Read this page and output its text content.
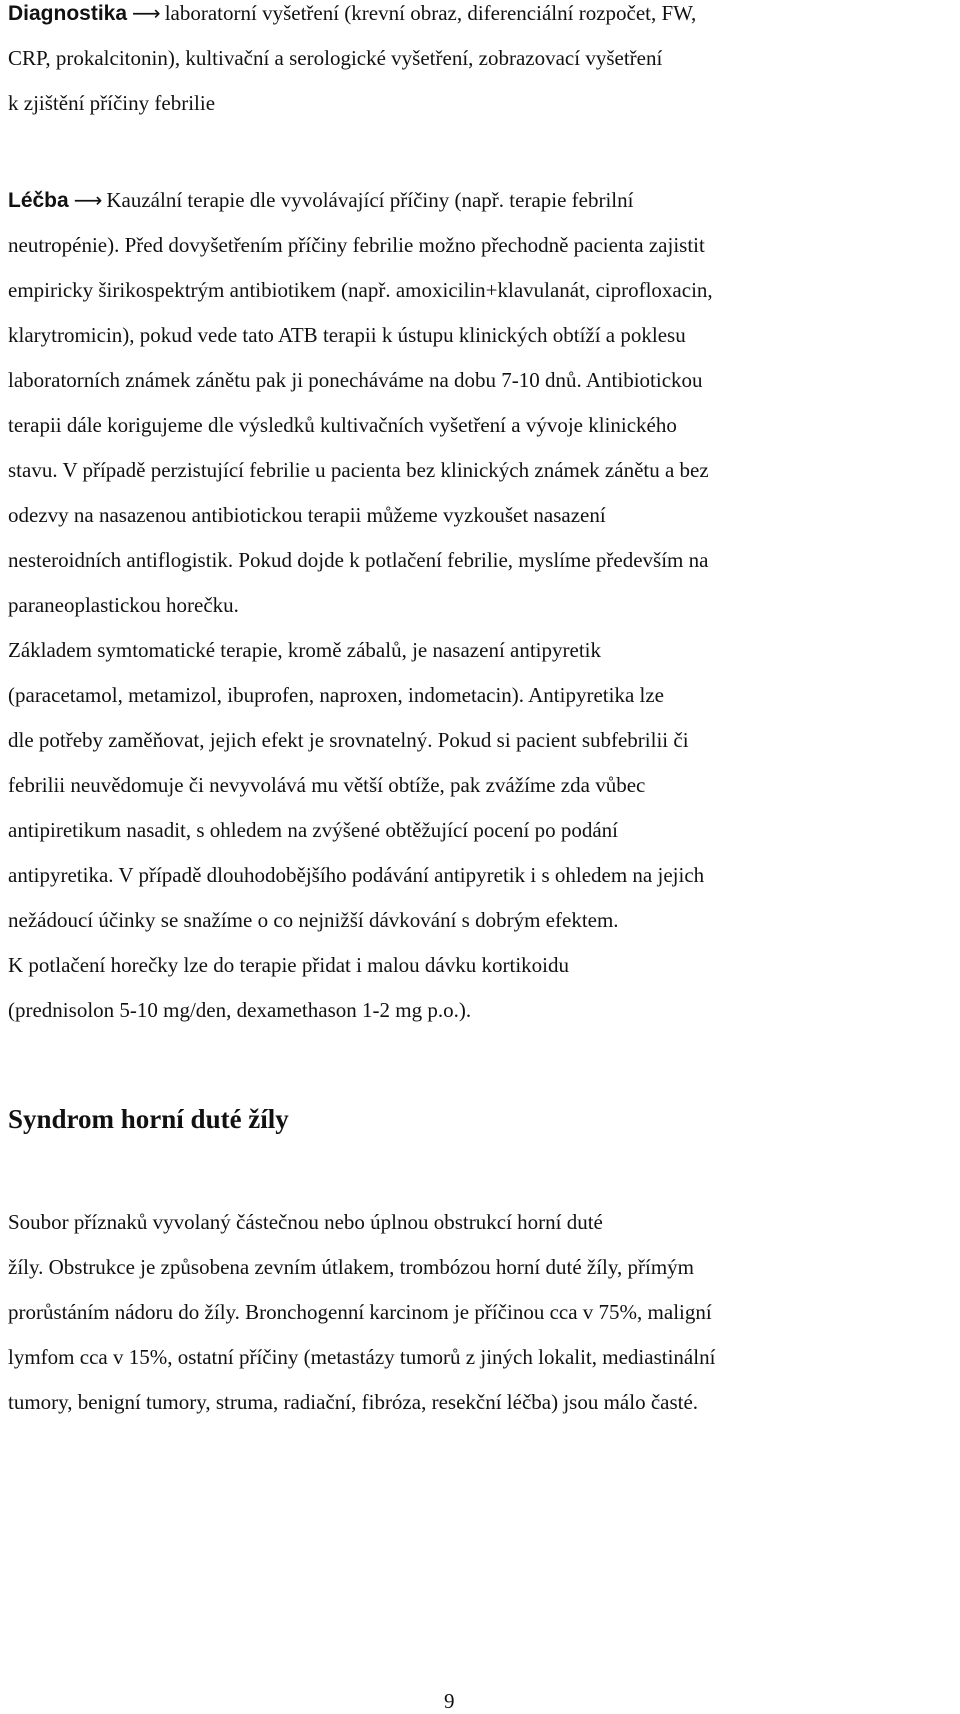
Diagnostika ⟶ laboratorní vyšetření (krevní obraz, diferenciální rozpočet, FW,
CRP, prokalcitonin), kultivační a serologické vyšetření, zobrazovací vyšetření
k zjištění příčiny febrilie
Léčba ⟶ Kauzální terapie dle vyvolávající příčiny (např. terapie febrilní
neutropénie). Před dovyšetřením příčiny febrilie možno přechodně pacienta zajistit
empiricky širikospektrým antibiotikem (např. amoxicilin+klavulanát, ciprofloxacin,
klarytromicin), pokud vede tato ATB terapii k ústupu klinických obtíží a poklesu
laboratorních známek zánětu pak ji ponecháváme na dobu 7-10 dnů. Antibiotickou
terapii dále korigujeme dle výsledků kultivačních vyšetření a vývoje klinického
stavu. V případě perzistující febrilie u pacienta bez klinických známek zánětu a bez
odezvy na nasazenou antibiotickou terapii můžeme vyzkoušet nasazení
nesteroidních antiflogistik. Pokud dojde k potlačení febrilie, myslíme především na
paraneoplastickou horečku.
Základem symtomatické terapie, kromě zábalů, je nasazení antipyretik
(paracetamol, metamizol, ibuprofen, naproxen, indometacin). Antipyretika lze
dle potřeby zaměňovat, jejich efekt je srovnatelný. Pokud si pacient subfebrilii či
febrilii neuvědomuje či nevyvolává mu větší obtíže, pak zvážíme zda vůbec
antipiretikum nasadit, s ohledem na zvýšené obtěžující pocení po podání
antipyretika. V případě dlouhodobějšího podávání antipyretik i s ohledem na jejich
nežádoucí účinky se snažíme o co nejnižší dávkování s dobrým efektem.
K potlačení horečky lze do terapie přidat i malou dávku kortikoidu
(prednisolon 5-10 mg/den, dexamethason 1-2 mg p.o.).
Syndrom horní duté žíly
Soubor příznaků vyvolaný částečnou nebo úplnou obstrukcí horní duté
žíly. Obstrukce je způsobena zevním útlakem, trombózou horní duté žíly, přímým
prorůstáním nádoru do žíly. Bronchogenní karcinom je příčinou cca v 75%, maligní
lymfom cca v 15%, ostatní příčiny (metastázy tumorů z jiných lokalit, mediastinální
tumory, benigní tumory, struma, radiační, fibróza, resekční léčba) jsou málo časté.
9
